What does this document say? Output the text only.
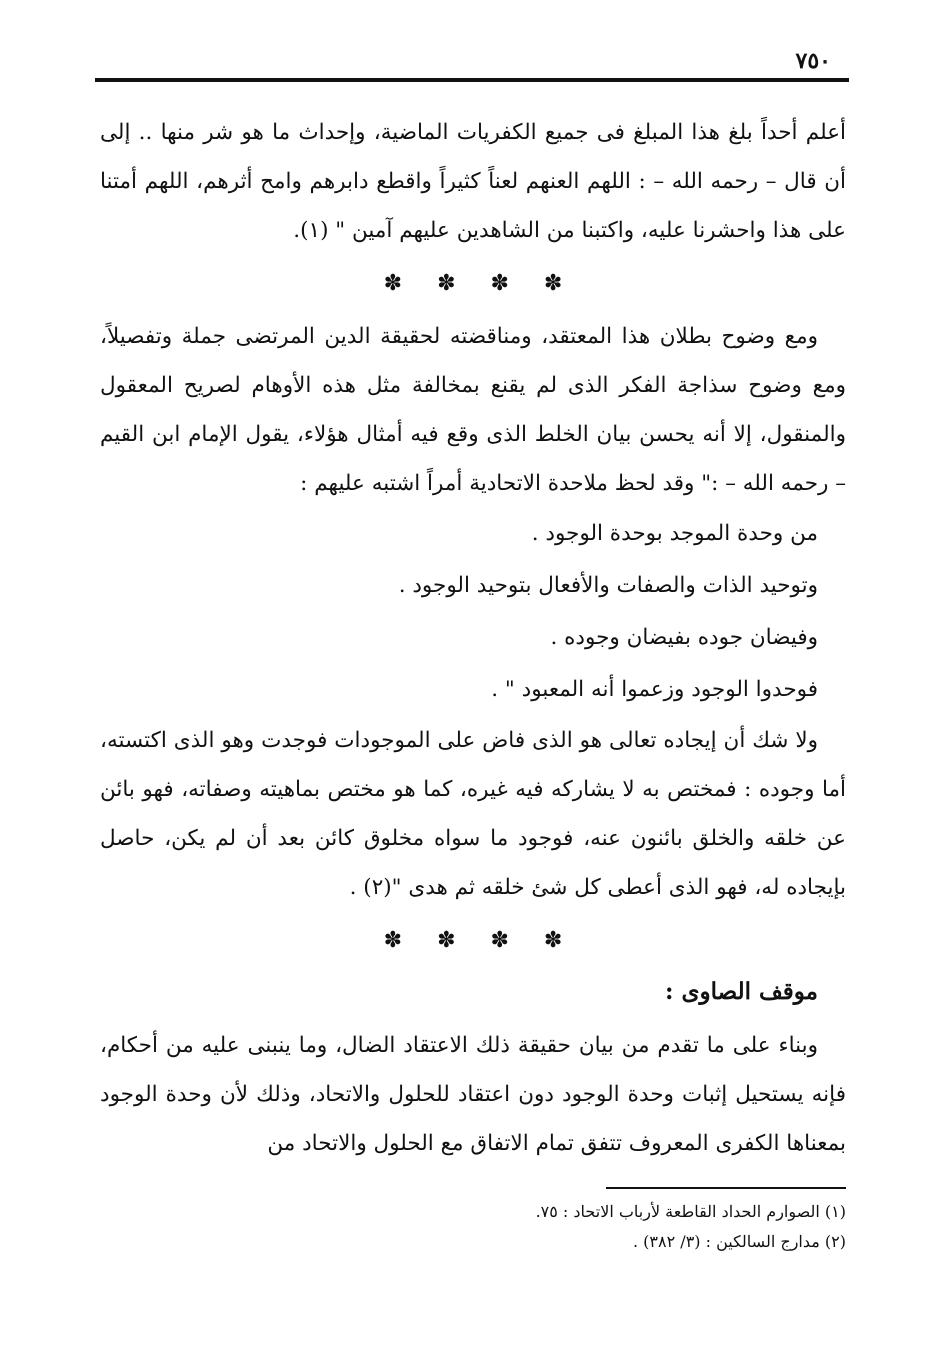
٧٥٠

أعلم أحداً بلغ هذا المبلغ فى جميع الكفريات الماضية، وإحداث ما هو شر منها .. إلى أن قال – رحمه الله – : اللهم العنهم لعناً كثيراً واقطع دابرهم وامح أثرهم، اللهم أمتنا على هذا واحشرنا عليه، واكتبنا من الشاهدين عليهم آمين " (١).

✽ ✽ ✽ ✽

ومع وضوح بطلان هذا المعتقد، ومناقضته لحقيقة الدين المرتضى جملة وتفصيلاً، ومع وضوح سذاجة الفكر الذى لم يقنع بمخالفة مثل هذه الأوهام لصريح المعقول والمنقول، إلا أنه يحسن بيان الخلط الذى وقع فيه أمثال هؤلاء، يقول الإمام ابن القيم – رحمه الله – :" وقد لحظ ملاحدة الاتحادية أمراً اشتبه عليهم :

من وحدة الموجد بوحدة الوجود .

وتوحيد الذات والصفات والأفعال بتوحيد الوجود .

وفيضان جوده بفيضان وجوده .

فوحدوا الوجود وزعموا أنه المعبود " .

ولا شك أن إيجاده تعالى هو الذى فاض على الموجودات فوجدت وهو الذى اكتسته، أما وجوده : فمختص به لا يشاركه فيه غيره، كما هو مختص بماهيته وصفاته، فهو بائن عن خلقه والخلق بائنون عنه، فوجود ما سواه مخلوق كائن بعد أن لم يكن، حاصل بإيجاده له، فهو الذى أعطى كل شئ خلقه ثم هدى "(٢) .

✽ ✽ ✽ ✽
موقف الصاوى :

وبناء على ما تقدم من بيان حقيقة ذلك الاعتقاد الضال، وما ينبنى عليه من أحكام، فإنه يستحيل إثبات وحدة الوجود دون اعتقاد للحلول والاتحاد، وذلك لأن وحدة الوجود بمعناها الكفرى المعروف تتفق تمام الاتفاق مع الحلول والاتحاد من

(١) الصوارم الحداد القاطعة لأرباب الاتحاد : ٧٥.

(٢) مدارج السالكين : (٣/ ٣٨٢) .
